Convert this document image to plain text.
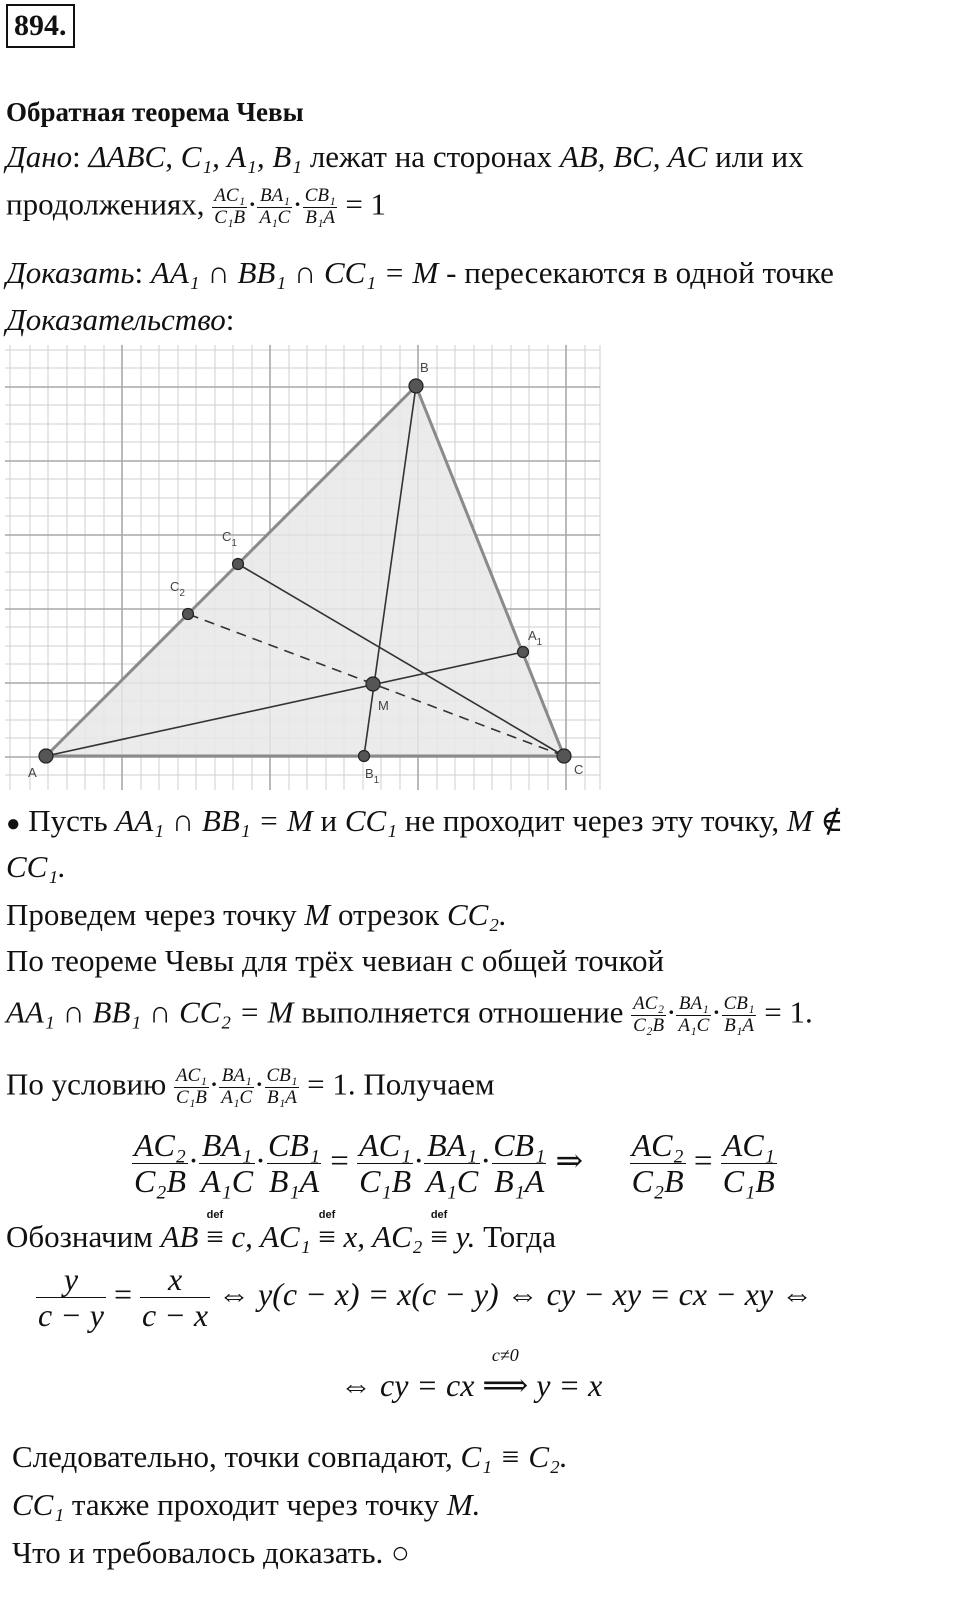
894.
Обратная теорема Чевы
Дано: ΔABC, C₁, A₁, B₁ лежат на сторонах AB, BC, AC или их
продолжениях, $\frac{\text{AC₁}}{\text{C₁B}} \cdot \frac{\text{BA₁}}{\text{A₁C}} \cdot \frac{\text{CB₁}}{\text{B₁A}} = 1$
Доказать: AA₁ ∩ BB₁ ∩ CC₁ = M - пересекаются в одной точке
Доказательство:
A
B
C
M
$C_1$
$C_2$
$A_1$
$B_1$
● Пусть AA₁ ∩ BB₁ = M и CC₁ не проходит через эту точку, M ∉
CC₁.
Проведем через точку M отрезок CC₂.
По теореме Чевы для трёх чевиан с общей точкой
AA₁ ∩ BB₁ ∩ CC₂ = M выполняется отношение $\frac{\text{AC₂}}{\text{C₂B}} \cdot \frac{\text{BA₁}}{\text{A₁C}} \cdot \frac{\text{CB₁}}{\text{B₁A}} = 1$.
По условию $\frac{\text{AC₁}}{\text{C₁B}} \cdot \frac{\text{BA₁}}{\text{A₁C}} \cdot \frac{\text{CB₁}}{\text{B₁A}} = 1$. Получаем
$\frac{\text{AC₂}}{\text{C₂B}} \cdot \frac{\text{BA₁}}{\text{A₁C}} \cdot \frac{\text{CB₁}}{\text{B₁A}} = \frac{\text{AC₁}}{\text{C₁B}} \cdot \frac{\text{BA₁}}{\text{A₁C}} \cdot \frac{\text{CB₁}}{\text{B₁A}}$ ⇒ $\frac{\text{AC₂}}{\text{C₂B}} = \frac{\text{AC₁}}{\text{C₁B}}$
Обозначим AB
def
≡ c, AC₁
def
≡ x, AC₂
def
≡ y. Тогда
$\frac{y}{c - y} = \frac{x}{c - x}$ ⇔ y(c − x) = x(c − y) ⇔ cy − xy = cx − xy ⇔
⇔ cy = cx
c≠0
⟹ y = x
Следовательно, точки совпадают, C₁ ≡ C₂.
CC₁ также проходит через точку M.
Что и требовалось доказать. ○
